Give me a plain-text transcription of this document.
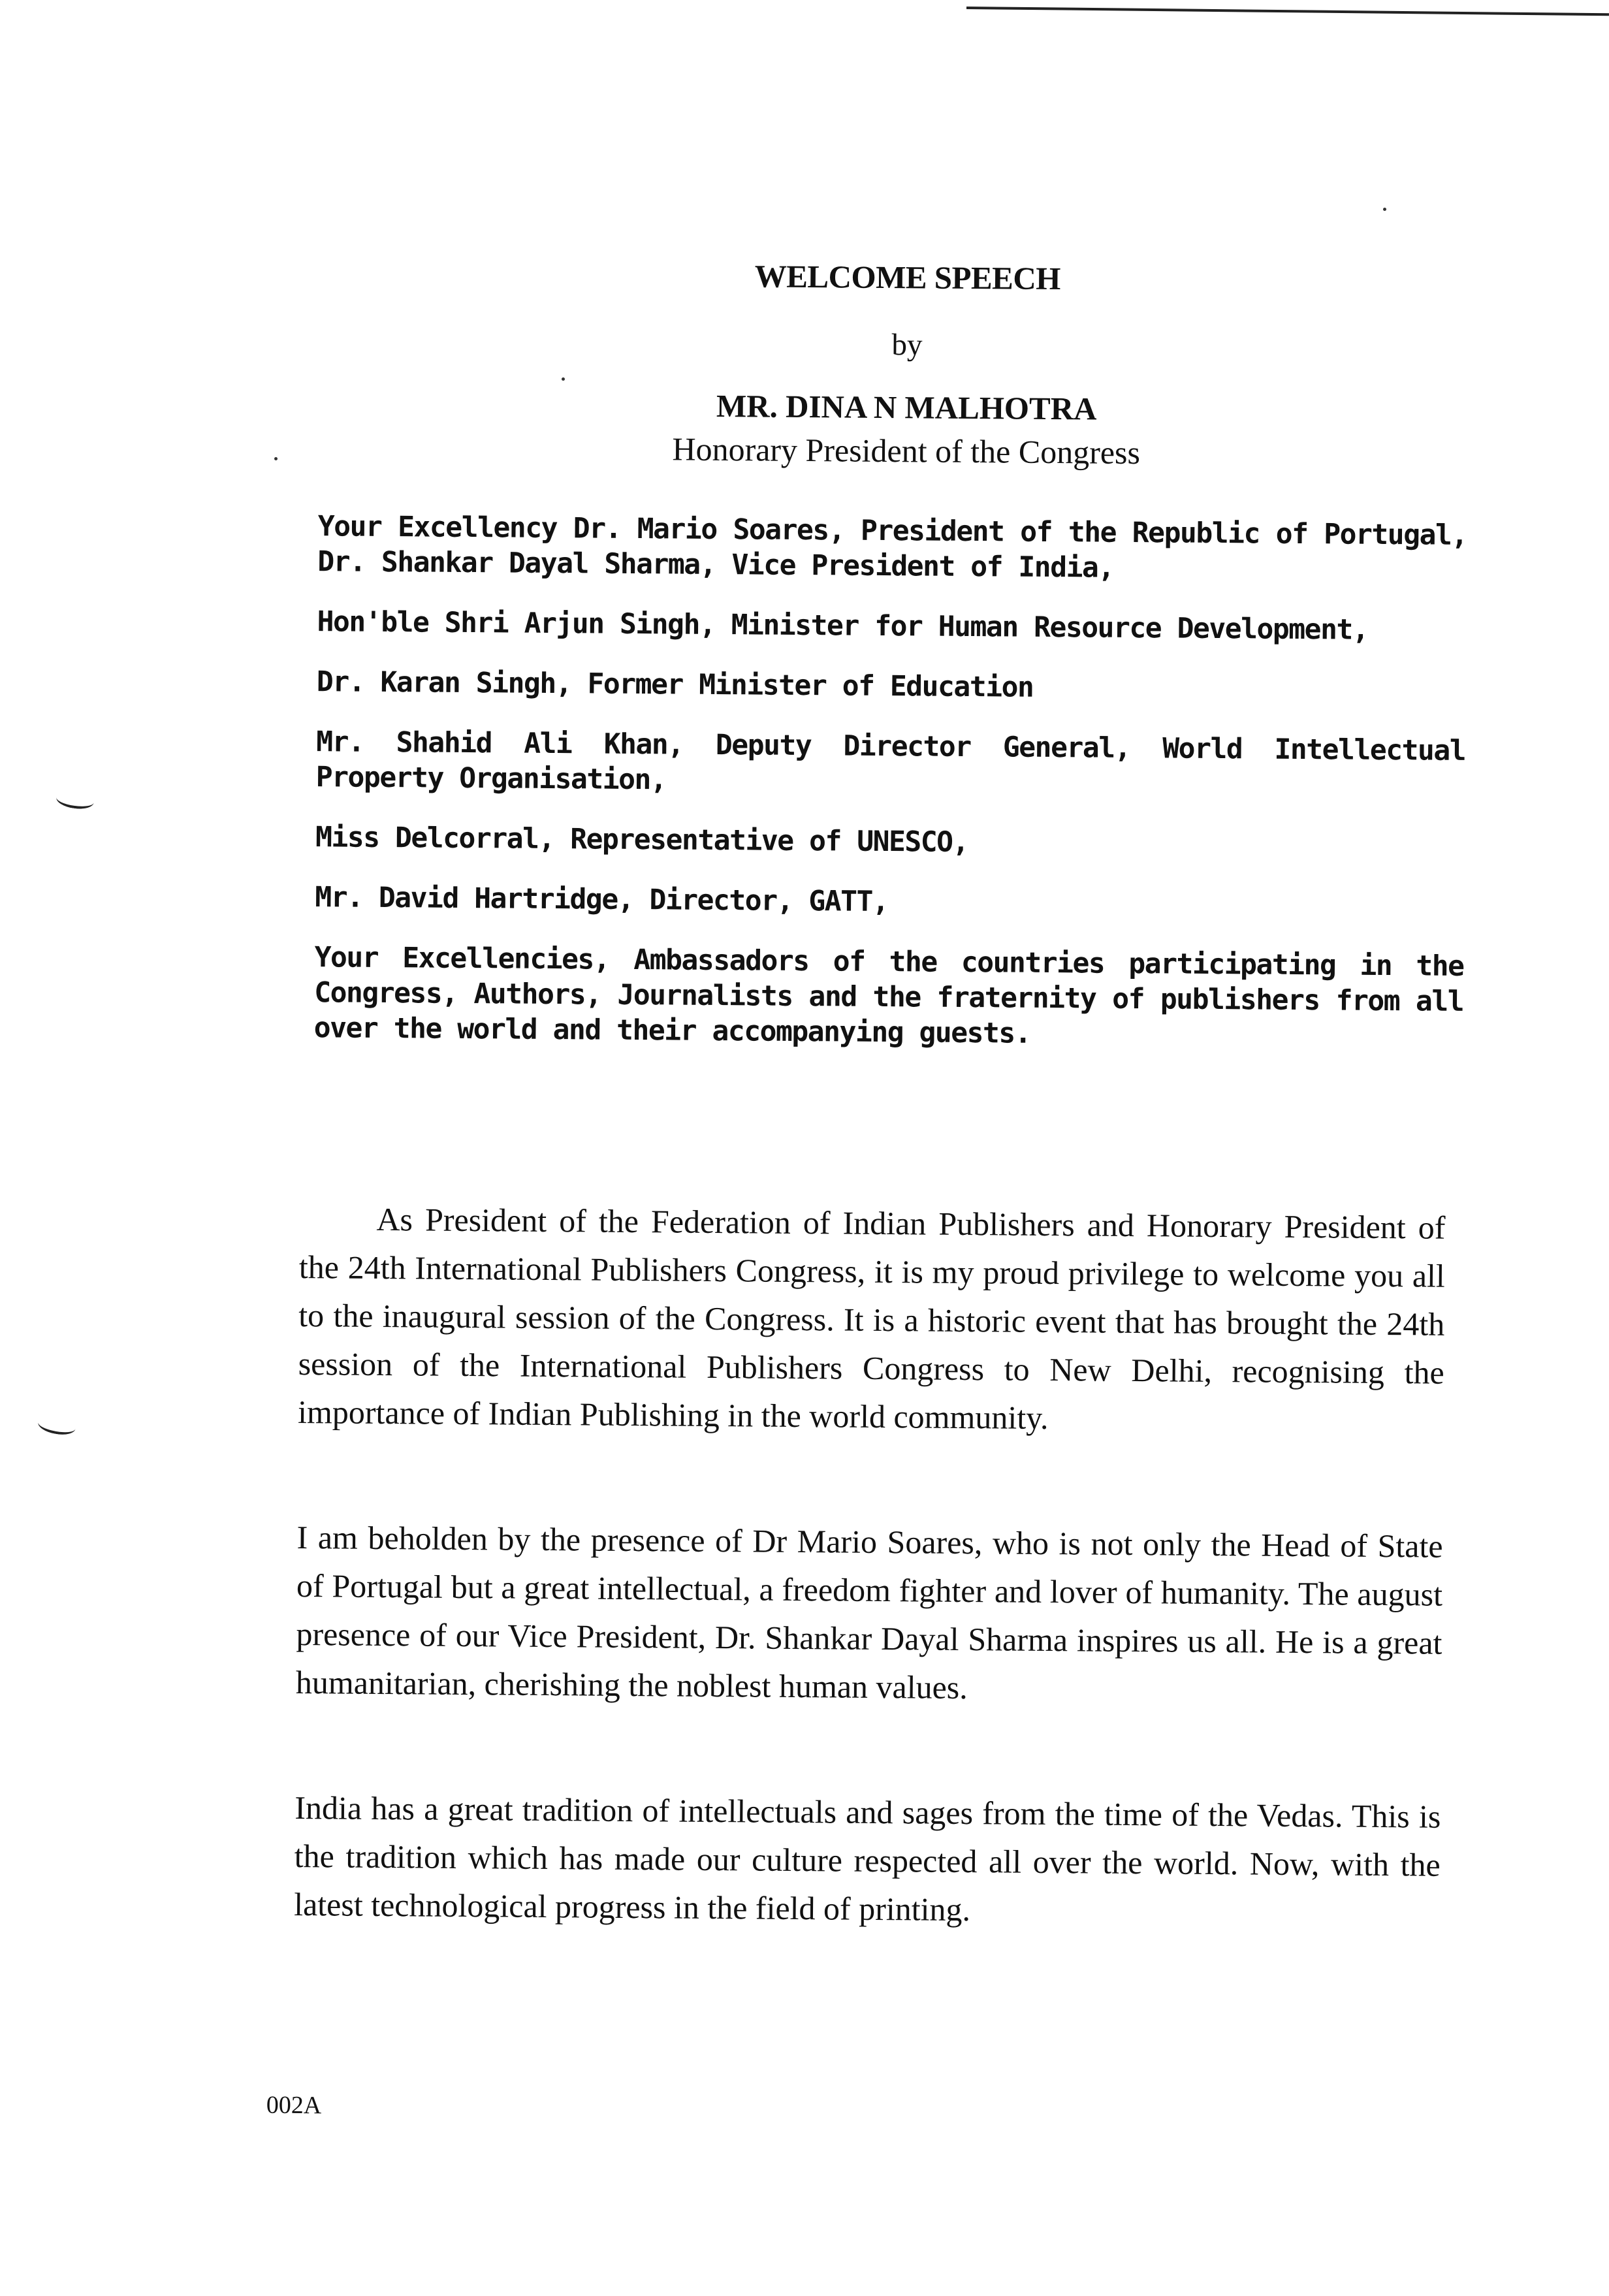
WELCOME SPEECH
by
MR. DINA N MALHOTRA
Honorary President of the Congress

Your Excellency Dr. Mario Soares, President of the Republic of Portugal, Dr. Shankar Dayal Sharma, Vice President of India,

Hon'ble Shri Arjun Singh, Minister for Human Resource Development,

Dr. Karan Singh, Former Minister of Education

Mr. Shahid Ali Khan, Deputy Director General, World Intellectual Property Organisation,

Miss Delcorral, Representative of UNESCO,

Mr. David Hartridge, Director, GATT,

Your Excellencies, Ambassadors of the countries participating in the Congress, Authors, Journalists and the fraternity of publishers from all over the world and their accompanying guests.

As President of the Federation of Indian Publishers and Honorary President of the 24th International Publishers Congress, it is my proud privilege to welcome you all to the inaugural session of the Congress. It is a historic event that has brought the 24th session of the International Publishers Congress to New Delhi, recognising the importance of Indian Publishing in the world community.

I am beholden by the presence of Dr Mario Soares, who is not only the Head of State of Portugal but a great intellectual, a freedom fighter and lover of humanity. The august presence of our Vice President, Dr. Shankar Dayal Sharma inspires us all. He is a great humanitarian, cherishing the noblest human values.

India has a great tradition of intellectuals and sages from the time of the Vedas. This is the tradition which has made our culture respected all over the world. Now, with the latest technological progress in the field of printing.

002A
